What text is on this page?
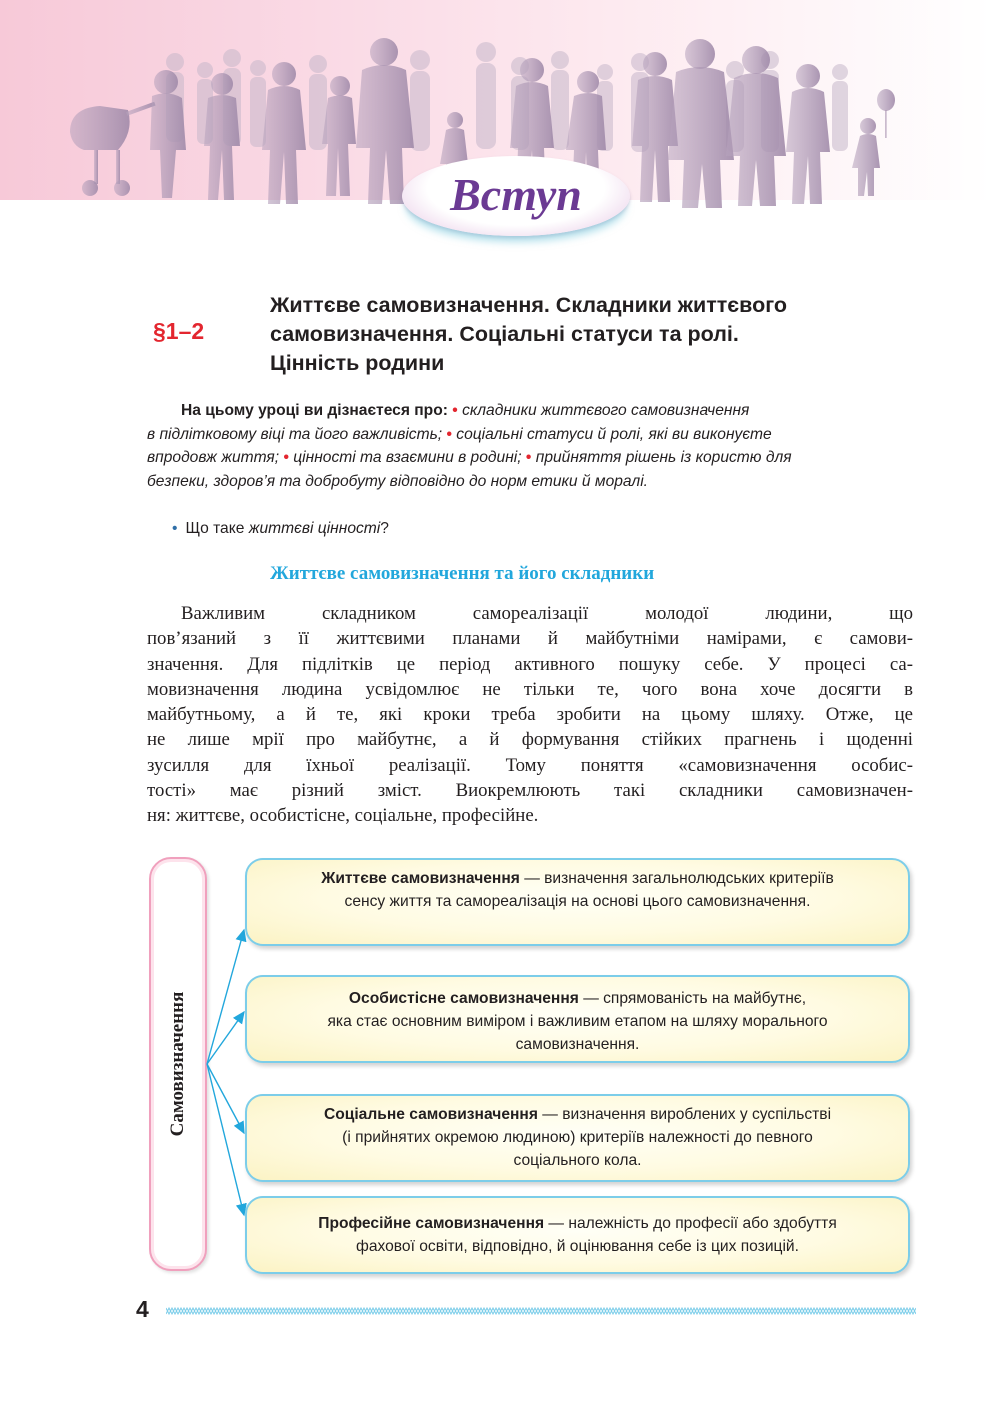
Вступ
§1–2
Життєве самовизначення. Складники життєвого
самовизначення. Соціальні статуси та ролі.
Цінність родини
На цьому уроці ви дізнаєтеся про: • складники життєвого самовизначення
в підлітковому віці та його важливість; • соціальні статуси й ролі, які ви виконуєте
впродовж життя; • цінності та взаємини в родині; • прийняття рішень із користю для
безпеки, здоров’я та добробуту відповідно до норм етики й моралі.
• Що таке життєві цінності?
Життєве самовизначення та його складники
Важливим складником самореалізації молодої людини, що
пов’язаний з її життєвими планами й майбутніми намірами, є самови-
значення. Для підлітків це період активного пошуку себе. У процесі са-
мовизначення людина усвідомлює не тільки те, чого вона хоче досягти в
майбутньому, а й те, які кроки треба зробити на цьому шляху. Отже, це
не лише мрії про майбутнє, а й формування стійких прагнень і щоденні
зусилля для їхньої реалізації. Тому поняття «самовизначення особис-
тості» має різний зміст. Виокремлюють такі складники самовизначен-
ня: життєве, особистісне, соціальне, професійне.
Самовизначення
Життєве самовизначення — визначення загальнолюдських критеріїв
сенсу життя та самореалізація на основі цього самовизначення.
Особистісне самовизначення — спрямованість на майбутнє,
яка стає основним виміром і важливим етапом на шляху морального
самовизначення.
Соціальне самовизначення — визначення вироблених у суспільстві
(і прийнятих окремою людиною) критеріїв належності до певного
соціального кола.
Професійне самовизначення — належність до професії або здобуття
фахової освіти, відповідно, й оцінювання себе із цих позицій.
4
